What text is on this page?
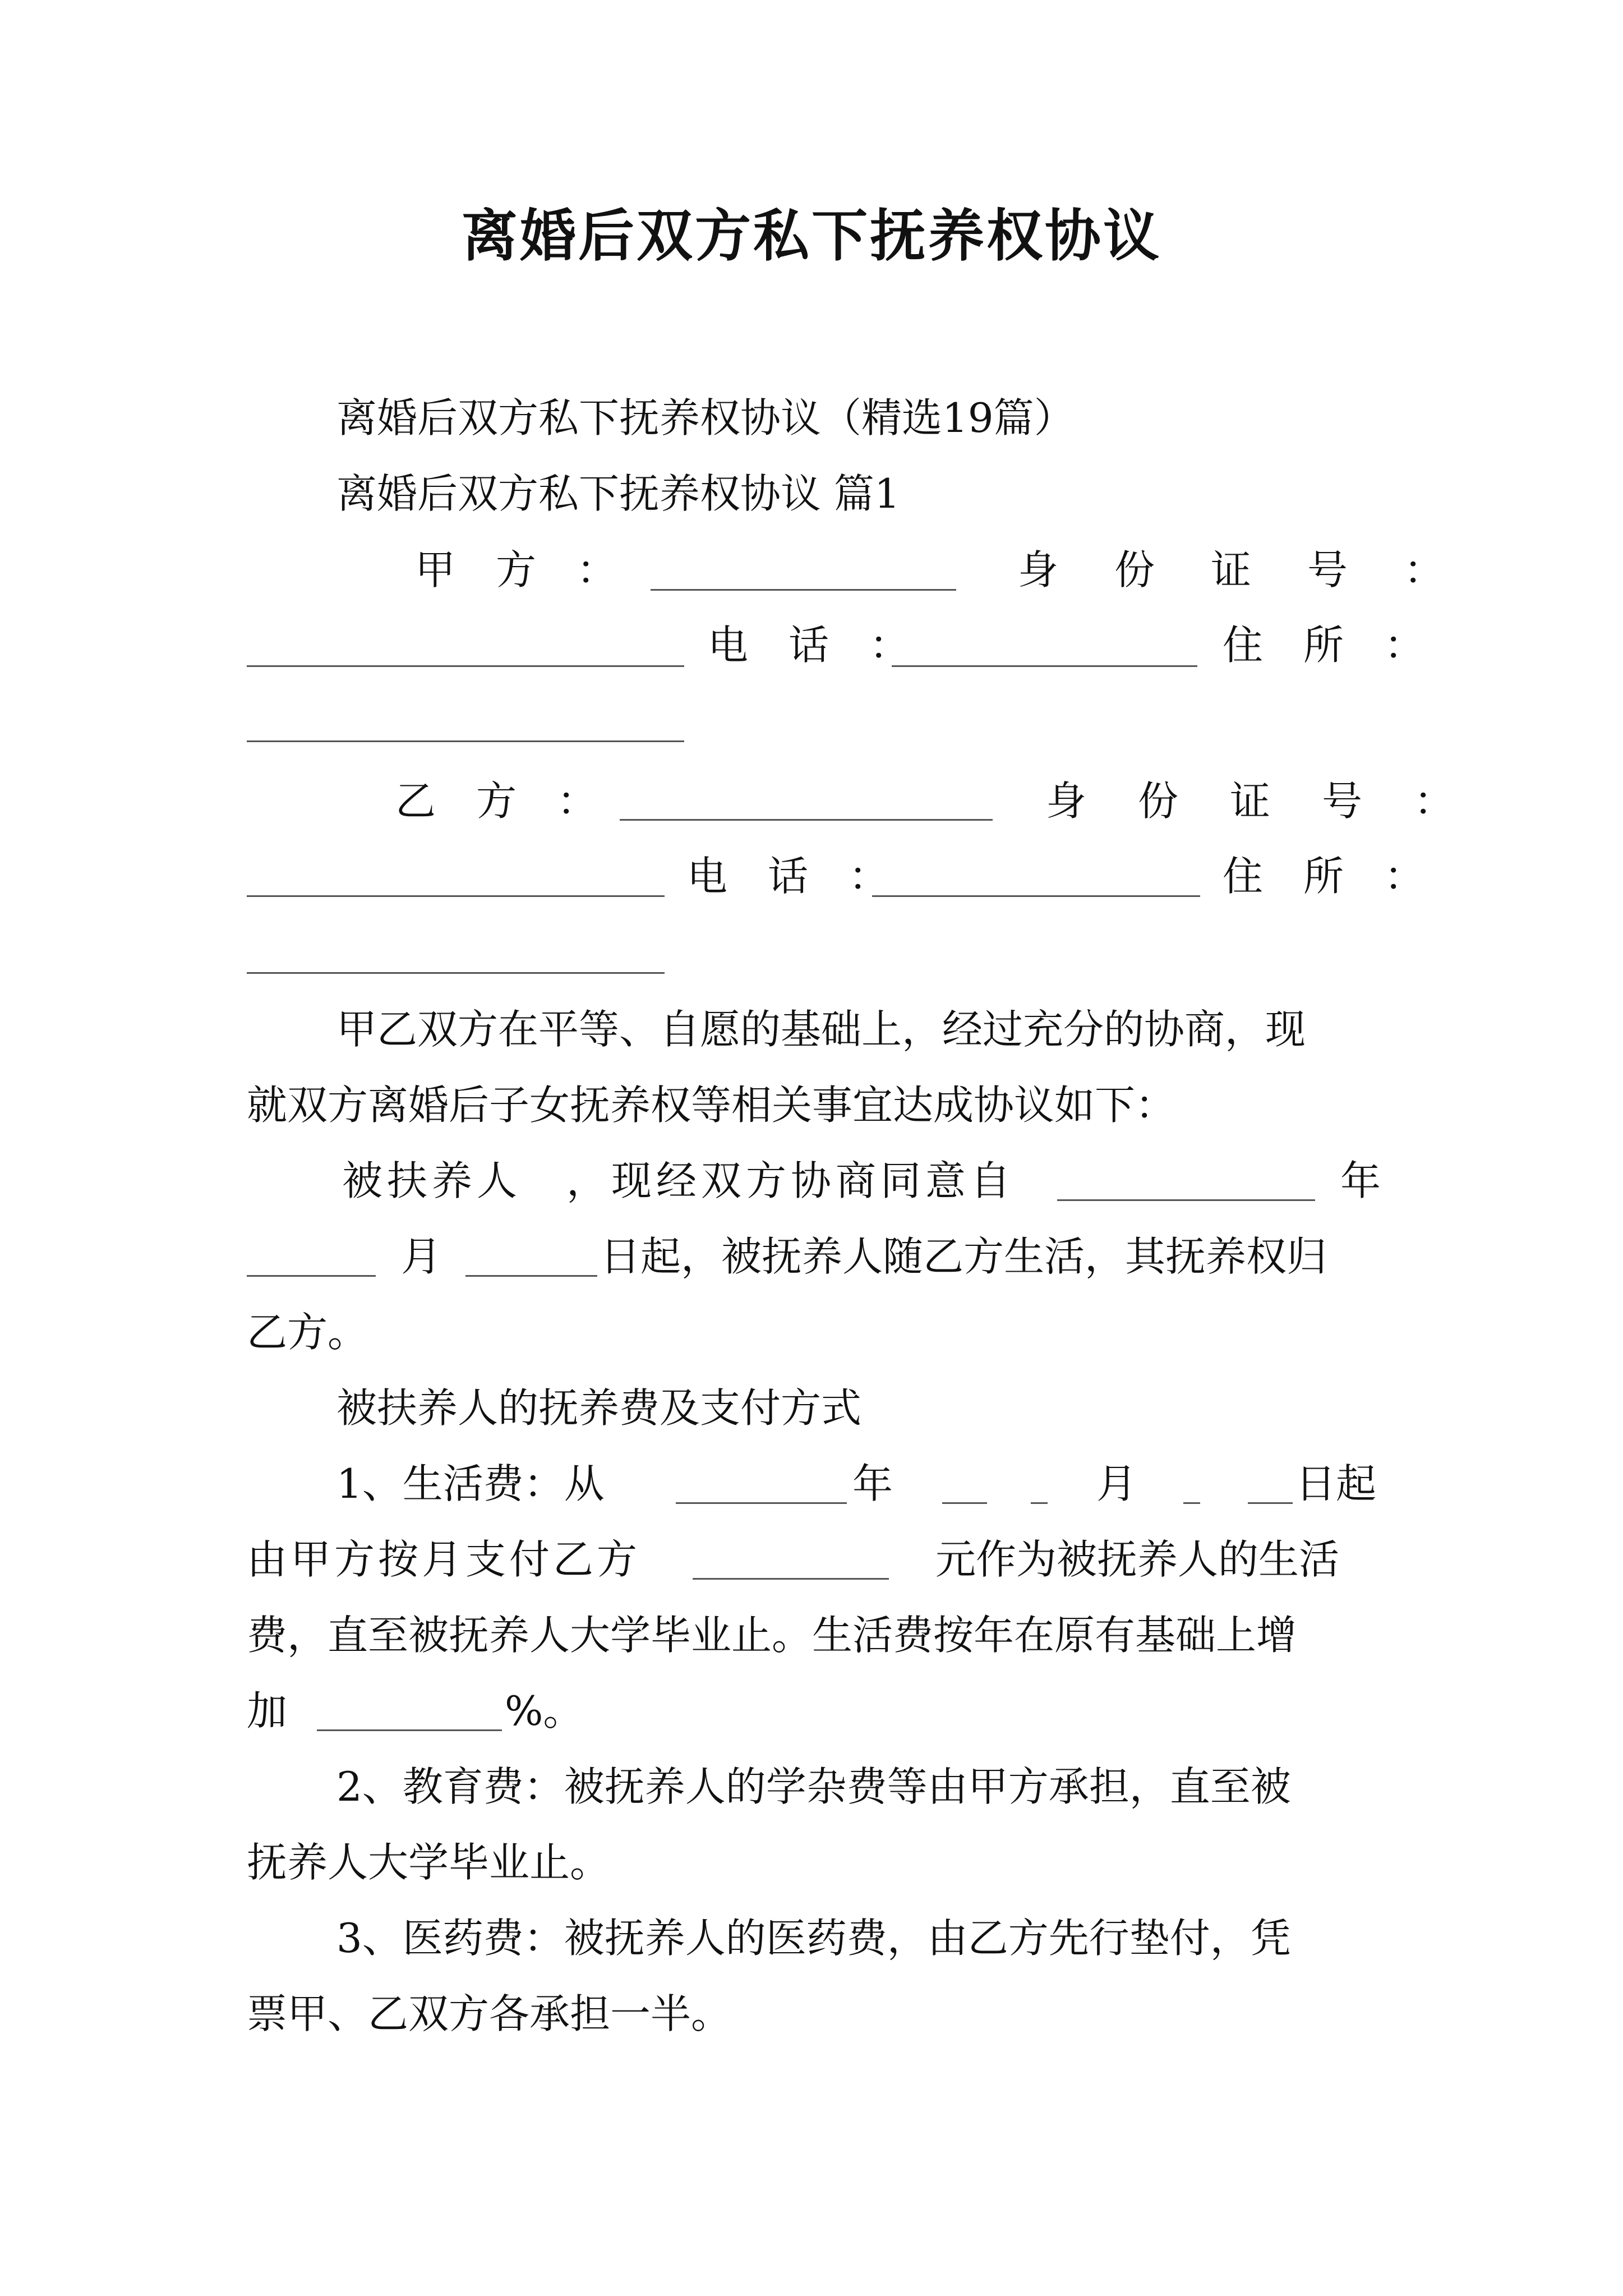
离婚后双方私下抚养权协议
离婚后双方私下抚养权协议（精选19篇）
离婚后双方私下抚养权协议 篇1
甲　方　：	身　份　证　号　：
电　话　：	住　所　：
乙　方　：	身　份　证　号　：
电　话　：	住　所　：
甲乙双方在平等、自愿的基础上，经过充分的协商，现
就双方离婚后子女抚养权等相关事宜达成协议如下：
被扶养人　，现经双方协商同意自	年
月	日起，被抚养人随乙方生活，其抚养权归
乙方。
被扶养人的抚养费及支付方式
1、生活费：从	年	月	日起
由甲方按月支付乙方	元作为被抚养人的生活
费，直至被抚养人大学毕业止。生活费按年在原有基础上增
加	%。
2、教育费：被抚养人的学杂费等由甲方承担，直至被
抚养人大学毕业止。
3、医药费：被抚养人的医药费，由乙方先行垫付，凭
票甲、乙双方各承担一半。
